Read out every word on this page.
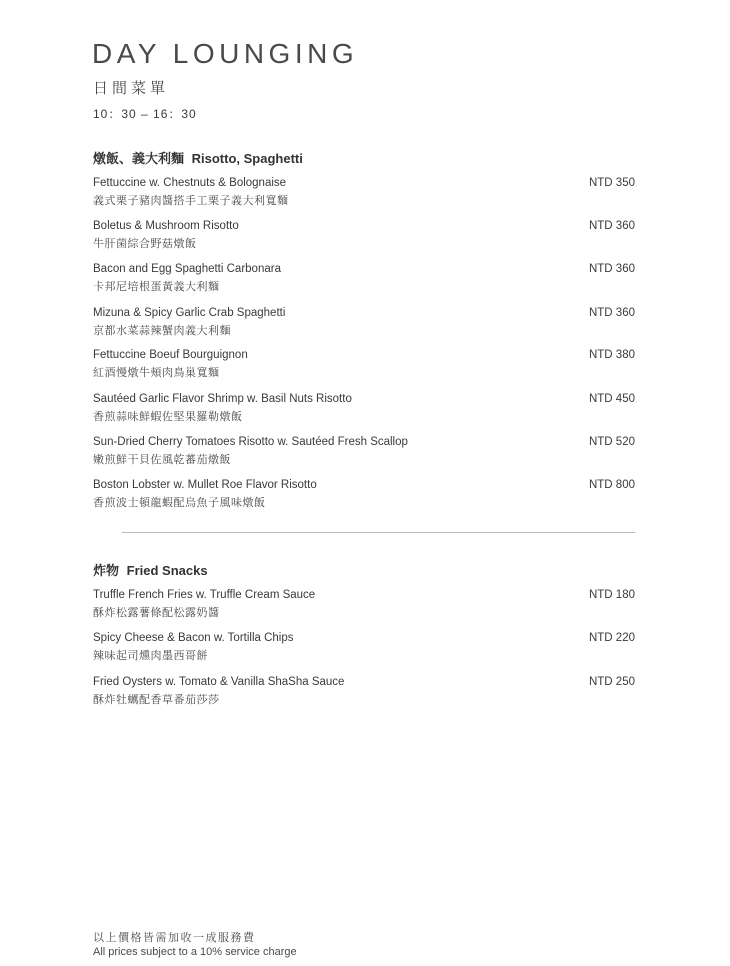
DAY LOUNGING
日間菜單
10：30 – 16：30
燉飯、義大利麵 Risotto, Spaghetti
Fettuccine w. Chestnuts & Bolognaise
義式栗子豬肉醬搭手工栗子義大利寬麵
NTD 350
Boletus & Mushroom Risotto
牛肝菌綜合野菇燉飯
NTD 360
Bacon and Egg Spaghetti Carbonara
卡邦尼培根蛋黃義大利麵
NTD 360
Mizuna & Spicy Garlic Crab Spaghetti
京都水菜蒜辣蟹肉義大利麵
NTD 360
Fettuccine Boeuf Bourguignon
紅酒慢燉牛頰肉鳥巢寬麵
NTD 380
Sautéed Garlic Flavor Shrimp w. Basil Nuts Risotto
香煎蒜味鮮蝦佐堅果羅勒燉飯
NTD 450
Sun-Dried Cherry Tomatoes Risotto w. Sautéed Fresh Scallop
嫩煎鮮干貝佐風乾蕃茄燉飯
NTD 520
Boston Lobster w. Mullet Roe Flavor Risotto
香煎波士頓龍蝦配烏魚子風味燉飯
NTD 800
炸物 Fried Snacks
Truffle French Fries w. Truffle Cream Sauce
酥炸松露薯條配松露奶醬
NTD 180
Spicy Cheese & Bacon w. Tortilla Chips
辣味起司燻肉墨西哥餅
NTD 220
Fried Oysters w. Tomato & Vanilla ShaSha Sauce
酥炸牡蠣配香草番茄莎莎
NTD 250
以上價格皆需加收一成服務費
All prices subject to a 10% service charge
